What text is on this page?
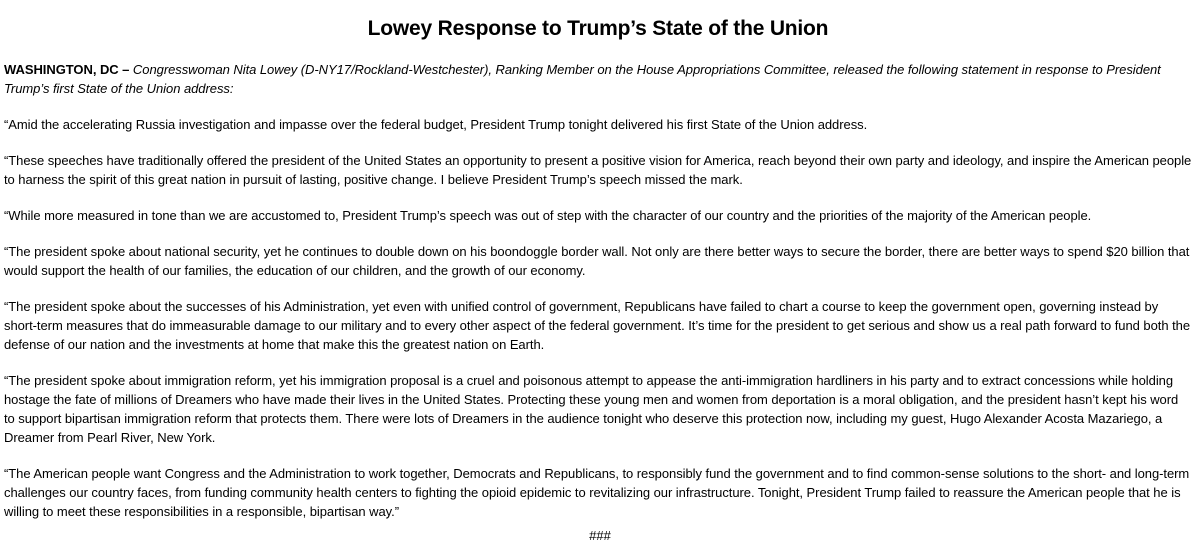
Lowey Response to Trump’s State of the Union

WASHINGTON, DC – Congresswoman Nita Lowey (D-NY17/Rockland-Westchester), Ranking Member on the House Appropriations Committee, released the following statement in response to President Trump’s first State of the Union address:

“Amid the accelerating Russia investigation and impasse over the federal budget, President Trump tonight delivered his first State of the Union address.

“These speeches have traditionally offered the president of the United States an opportunity to present a positive vision for America, reach beyond their own party and ideology, and inspire the American people to harness the spirit of this great nation in pursuit of lasting, positive change. I believe President Trump’s speech missed the mark.

“While more measured in tone than we are accustomed to, President Trump’s speech was out of step with the character of our country and the priorities of the majority of the American people.

“The president spoke about national security, yet he continues to double down on his boondoggle border wall. Not only are there better ways to secure the border, there are better ways to spend $20 billion that would support the health of our families, the education of our children, and the growth of our economy.

“The president spoke about the successes of his Administration, yet even with unified control of government, Republicans have failed to chart a course to keep the government open, governing instead by short-term measures that do immeasurable damage to our military and to every other aspect of the federal government. It’s time for the president to get serious and show us a real path forward to fund both the defense of our nation and the investments at home that make this the greatest nation on Earth.

“The president spoke about immigration reform, yet his immigration proposal is a cruel and poisonous attempt to appease the anti-immigration hardliners in his party and to extract concessions while holding hostage the fate of millions of Dreamers who have made their lives in the United States. Protecting these young men and women from deportation is a moral obligation, and the president hasn’t kept his word to support bipartisan immigration reform that protects them. There were lots of Dreamers in the audience tonight who deserve this protection now, including my guest, Hugo Alexander Acosta Mazariego, a Dreamer from Pearl River, New York.

“The American people want Congress and the Administration to work together, Democrats and Republicans, to responsibly fund the government and to find common-sense solutions to the short- and long-term challenges our country faces, from funding community health centers to fighting the opioid epidemic to revitalizing our infrastructure. Tonight, President Trump failed to reassure the American people that he is willing to meet these responsibilities in a responsible, bipartisan way.”

###
